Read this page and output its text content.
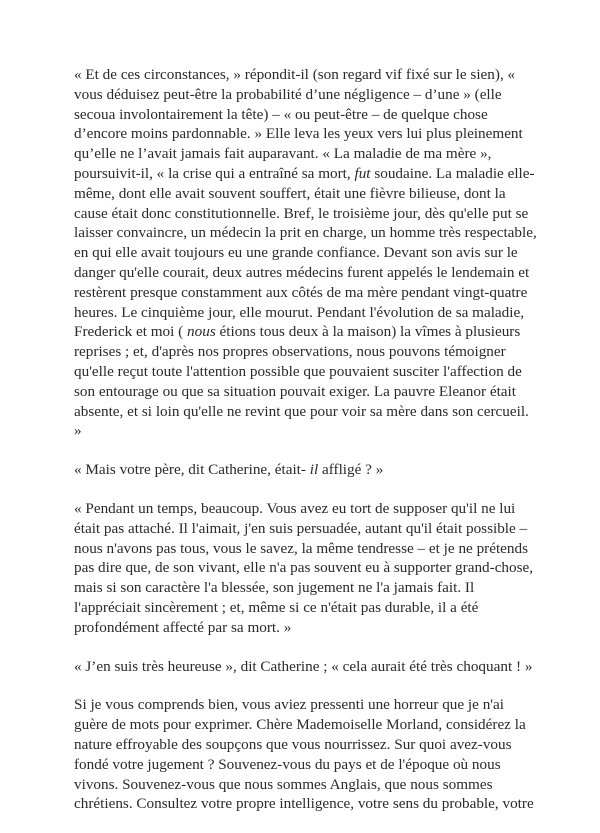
« Et de ces circonstances, » répondit-il (son regard vif fixé sur le sien), « vous déduisez peut-être la probabilité d’une négligence – d’une » (elle secoua involontairement la tête) – « ou peut-être – de quelque chose d’encore moins pardonnable. » Elle leva les yeux vers lui plus pleinement qu’elle ne l’avait jamais fait auparavant. « La maladie de ma mère », poursuivit-il, « la crise qui a entraîné sa mort, fut soudaine. La maladie elle-même, dont elle avait souvent souffert, était une fièvre bilieuse, dont la cause était donc constitutionnelle. Bref, le troisième jour, dès qu'elle put se laisser convaincre, un médecin la prit en charge, un homme très respectable, en qui elle avait toujours eu une grande confiance. Devant son avis sur le danger qu'elle courait, deux autres médecins furent appelés le lendemain et restèrent presque constamment aux côtés de ma mère pendant vingt-quatre heures. Le cinquième jour, elle mourut. Pendant l'évolution de sa maladie, Frederick et moi ( nous étions tous deux à la maison) la vîmes à plusieurs reprises ; et, d'après nos propres observations, nous pouvons témoigner qu'elle reçut toute l'attention possible que pouvaient susciter l'affection de son entourage ou que sa situation pouvait exiger. La pauvre Eleanor était absente, et si loin qu'elle ne revint que pour voir sa mère dans son cercueil. »

« Mais votre père, dit Catherine, était- il affligé ? »

« Pendant un temps, beaucoup. Vous avez eu tort de supposer qu'il ne lui était pas attaché. Il l'aimait, j'en suis persuadée, autant qu'il était possible – nous n'avons pas tous, vous le savez, la même tendresse – et je ne prétends pas dire que, de son vivant, elle n'a pas souvent eu à supporter grand-chose, mais si son caractère l'a blessée, son jugement ne l'a jamais fait. Il l'appréciait sincèrement ; et, même si ce n'était pas durable, il a été profondément affecté par sa mort. »

« J’en suis très heureuse », dit Catherine ; « cela aurait été très choquant ! »

Si je vous comprends bien, vous aviez pressenti une horreur que je n'ai guère de mots pour exprimer. Chère Mademoiselle Morland, considérez la nature effroyable des soupçons que vous nourrissez. Sur quoi avez-vous fondé votre jugement ? Souvenez-vous du pays et de l'époque où nous vivons. Souvenez-vous que nous sommes Anglais, que nous sommes chrétiens. Consultez votre propre intelligence, votre sens du probable, votre
